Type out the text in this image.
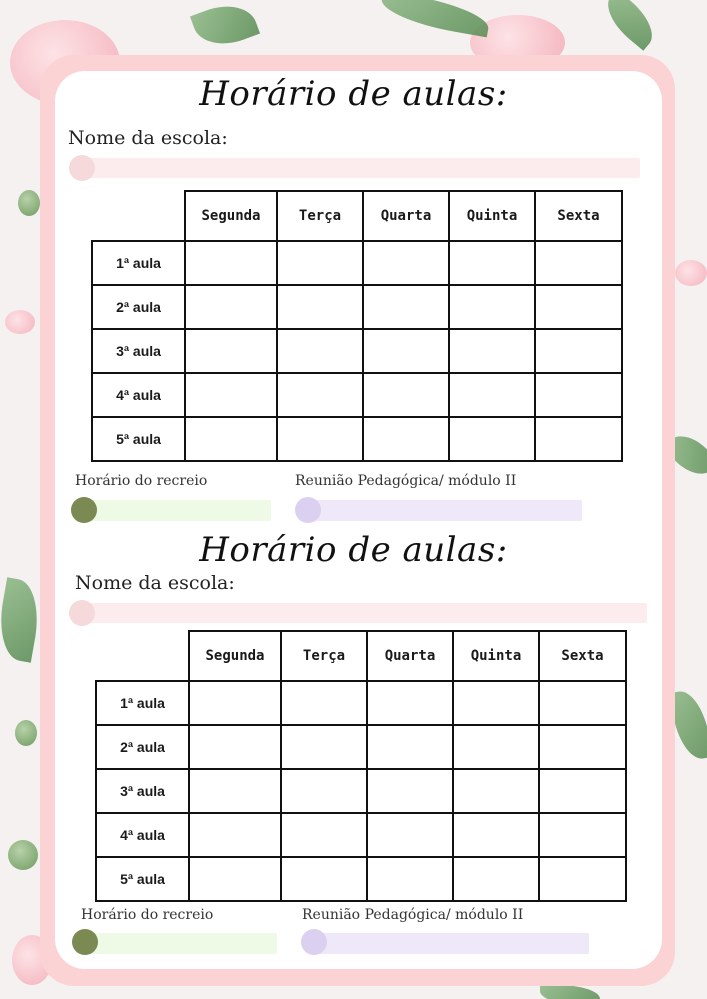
Horário de aulas:
Nome da escola:
	Segunda	Terça	Quarta	Quinta	Sexta
1ª aula					
2ª aula					
3ª aula					
4ª aula					
5ª aula					
Horário do recreio	Reunião Pedagógica/ módulo II
Horário de aulas:
Nome da escola:
	Segunda	Terça	Quarta	Quinta	Sexta
1ª aula					
2ª aula					
3ª aula					
4ª aula					
5ª aula					
Horário do recreio	Reunião Pedagógica/ módulo II
